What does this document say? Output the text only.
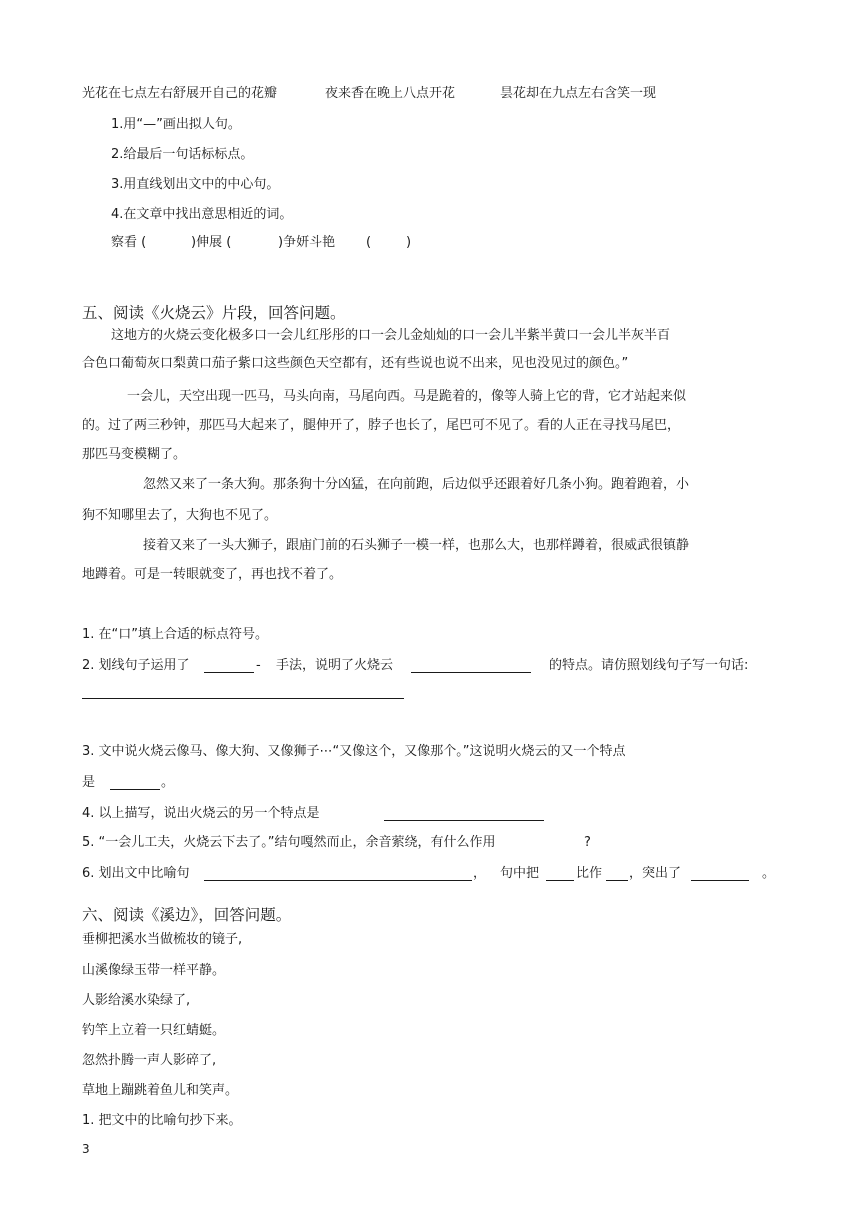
光花在七点左右舒展开自己的花瓣	夜来香在晚上八点开花	昙花却在九点左右含笑一现
1.用“—”画出拟人句。
2.给最后一句话标标点。
3.用直线划出文中的中心句。
4.在文章中找出意思相近的词。
察看 (	)伸展 (	)争妍斗艳 (	)
五、阅读《火烧云》片段，回答问题。
这地方的火烧云变化极多口一会儿红彤彤的口一会儿金灿灿的口一会儿半紫半黄口一会儿半灰半百
合色口葡萄灰口梨黄口茄子紫口这些颜色天空都有，还有些说也说不出来，见也没见过的颜色。”
一会儿，天空出现一匹马，马头向南，马尾向西。马是跪着的，像等人骑上它的背，它才站起来似
的。过了两三秒钟，那匹马大起来了，腿伸开了，脖子也长了，尾巴可不见了。看的人正在寻找马尾巴，
那匹马变模糊了。
忽然又来了一条大狗。那条狗十分凶猛，在向前跑，后边似乎还跟着好几条小狗。跑着跑着，小
狗不知哪里去了，大狗也不见了。
接着又来了一头大狮子，跟庙门前的石头狮子一模一样，也那么大，也那样蹲着，很威武很镇静
地蹲着。可是一转眼就变了，再也找不着了。
1. 在“口”填上合适的标点符号。
2. 划线句子运用了	- 手法，说明了火烧云	的特点。请仿照划线句子写一句话:
3. 文中说火烧云像马、像大狗、又像狮子⋯“又像这个，又像那个。”这说明火烧云的又一个特点
是	。
4. 以上描写，说出火烧云的另一个特点是
5. “一会儿工夫，火烧云下去了。”结句嘎然而止，余音萦绕，有什么作用	?
6. 划出文中比喻句	， 句中把	比作 ，突出了	。
六、阅读《溪边》，回答问题。
垂柳把溪水当做梳妆的镜子,
山溪像绿玉带一样平静。
人影给溪水染绿了,
钓竿上立着一只红蜻蜓。
忽然扑腾一声人影碎了,
草地上蹦跳着鱼儿和笑声。
1. 把文中的比喻句抄下来。
3
